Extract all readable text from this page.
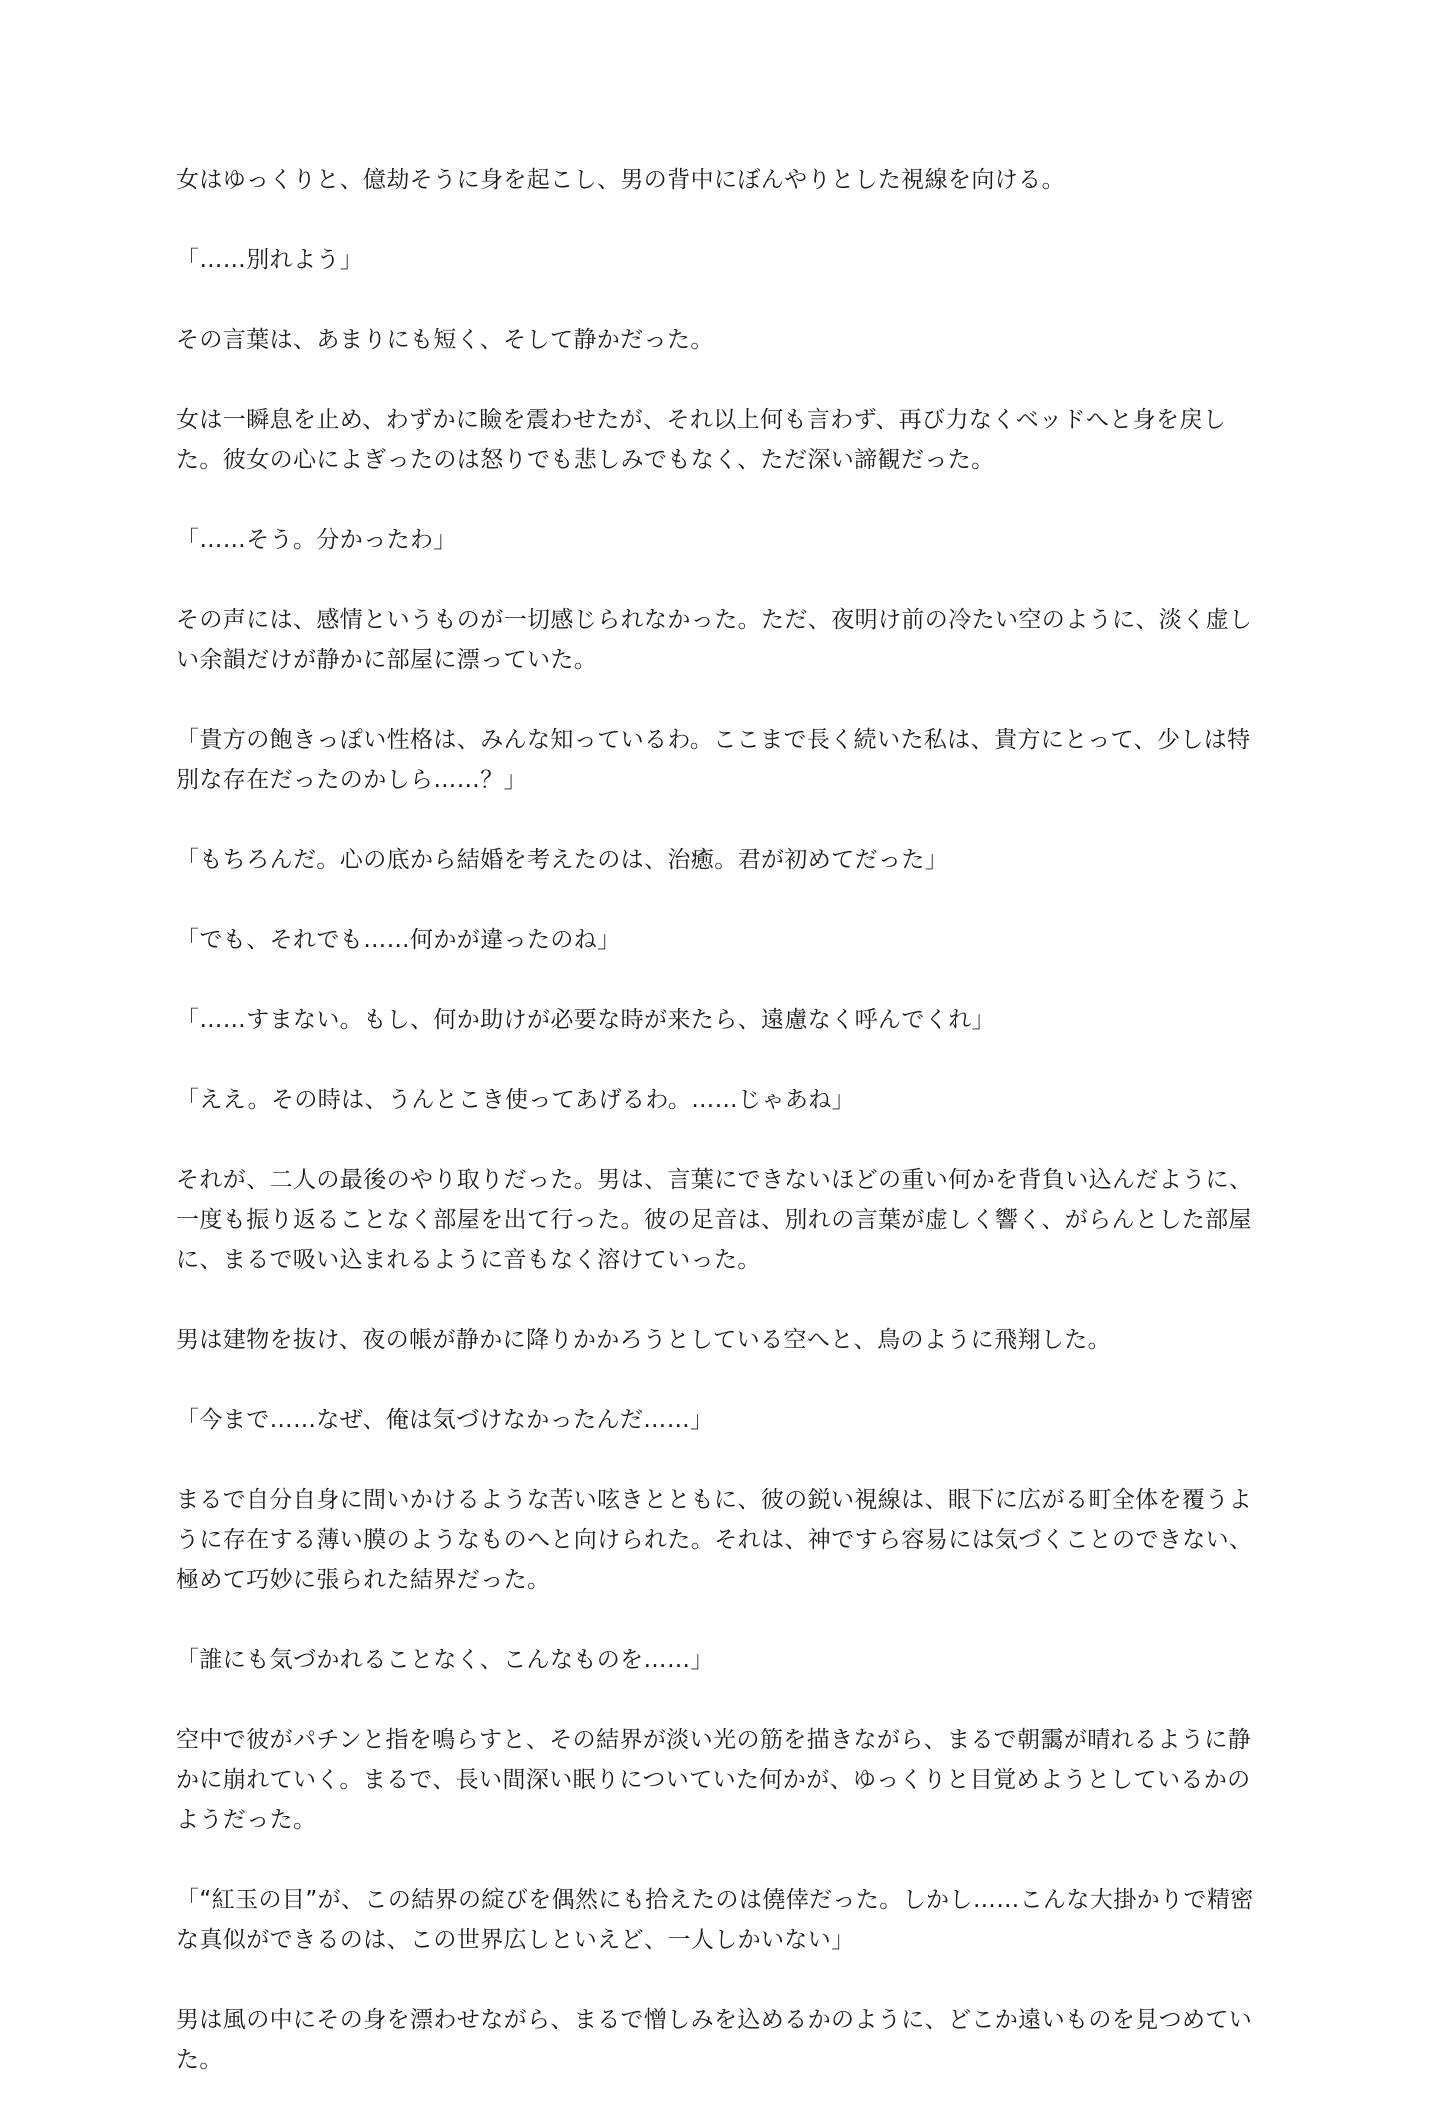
女はゆっくりと、億劫そうに身を起こし、男の背中にぼんやりとした視線を向ける。

「……別れよう」

その言葉は、あまりにも短く、そして静かだった。

女は一瞬息を止め、わずかに瞼を震わせたが、それ以上何も言わず、再び力なくベッドへと身を戻した。彼女の心によぎったのは怒りでも悲しみでもなく、ただ深い諦観だった。

「……そう。分かったわ」

その声には、感情というものが一切感じられなかった。ただ、夜明け前の冷たい空のように、淡く虚しい余韻だけが静かに部屋に漂っていた。

「貴方の飽きっぽい性格は、みんな知っているわ。ここまで長く続いた私は、貴方にとって、少しは特別な存在だったのかしら……？」

「もちろんだ。心の底から結婚を考えたのは、治癒。君が初めてだった」

「でも、それでも……何かが違ったのね」

「……すまない。もし、何か助けが必要な時が来たら、遠慮なく呼んでくれ」

「ええ。その時は、うんとこき使ってあげるわ。……じゃあね」

それが、二人の最後のやり取りだった。男は、言葉にできないほどの重い何かを背負い込んだように、一度も振り返ることなく部屋を出て行った。彼の足音は、別れの言葉が虚しく響く、がらんとした部屋に、まるで吸い込まれるように音もなく溶けていった。

男は建物を抜け、夜の帳が静かに降りかかろうとしている空へと、鳥のように飛翔した。

「今まで……なぜ、俺は気づけなかったんだ……」

まるで自分自身に問いかけるような苦い呟きとともに、彼の鋭い視線は、眼下に広がる町全体を覆うように存在する薄い膜のようなものへと向けられた。それは、神ですら容易には気づくことのできない、極めて巧妙に張られた結界だった。

「誰にも気づかれることなく、こんなものを……」

空中で彼がパチンと指を鳴らすと、その結界が淡い光の筋を描きながら、まるで朝靄が晴れるように静かに崩れていく。まるで、長い間深い眠りについていた何かが、ゆっくりと目覚めようとしているかのようだった。

「“紅玉の目”が、この結界の綻びを偶然にも拾えたのは僥倖だった。しかし……こんな大掛かりで精密な真似ができるのは、この世界広しといえど、一人しかいない」

男は風の中にその身を漂わせながら、まるで憎しみを込めるかのように、どこか遠いものを見つめていた。
